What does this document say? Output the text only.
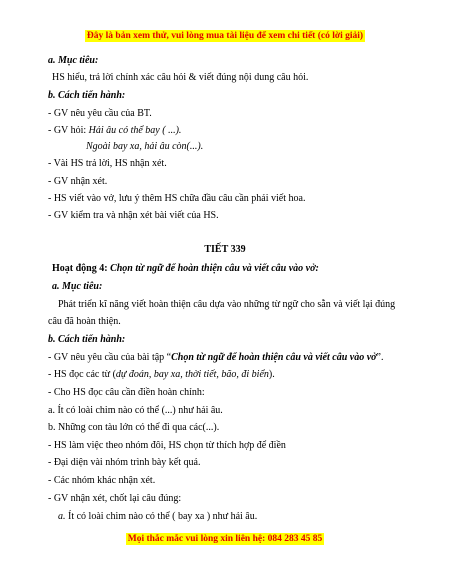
Đây là bản xem thử, vui lòng mua tài liệu để xem chi tiết (có lời giải)
a. Mục tiêu:
HS hiểu, trả lời chính xác câu hỏi & viết đúng nội dung câu hỏi.
b. Cách tiến hành:
- GV nêu yêu cầu của BT.
- GV hỏi: Hải âu có thể bay ( ...).
Ngoài bay xa, hải âu còn(...).
- Vài HS trả lời, HS nhận xét.
- GV nhận xét.
- HS viết vào vở, lưu ý thêm HS chữa đầu câu cần phải viết hoa.
- GV kiểm tra và nhận xét bài viết của HS.
TIẾT 339
Hoạt động 4: Chọn từ ngữ để hoàn thiện câu và viết câu vào vở:
a. Mục tiêu:
Phát triển kĩ năng viết hoàn thiện câu dựa vào những từ ngữ cho sẵn và viết lại đúng
câu đã hoàn thiện.
b. Cách tiến hành:
- GV nêu yêu cầu của bài tập “Chọn từ ngữ để hoàn thiện câu và viết câu vào vở”.
- HS đọc các từ (dự đoán, bay xa, thời tiết, bão, đi biển).
- Cho HS đọc câu cần điền hoàn chỉnh:
a. Ít có loài chim nào có thể (...) như hải âu.
b. Những con tàu lớn có thể đi qua các(...).
- HS làm việc theo nhóm đôi, HS chọn từ thích hợp để điền
- Đại diện vài nhóm trình bày kết quả.
- Các nhóm khác nhận xét.
- GV nhận xét, chốt lại câu đúng:
a. Ít có loài chim nào có thể ( bay xa ) như hải âu.
Mọi thắc mắc vui lòng xin liên hệ: 084 283 45 85
